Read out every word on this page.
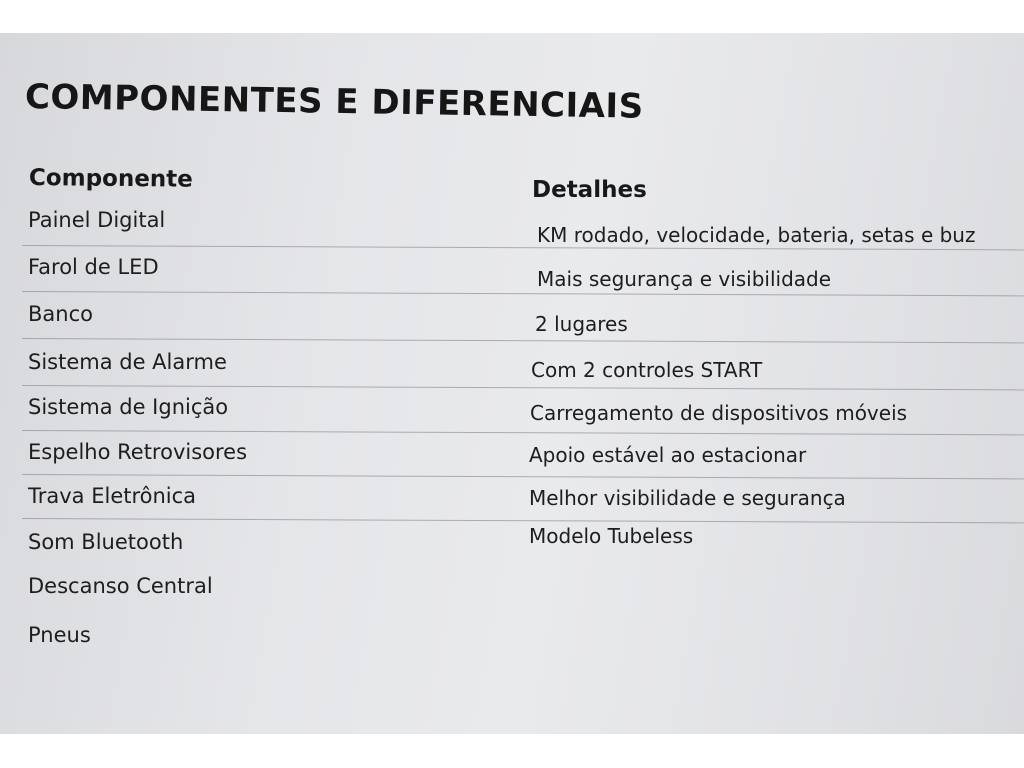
COMPONENTES E DIFERENCIAIS
Componente	Detalhes
Painel Digital
Farol de LED
Banco
Sistema de Alarme
Sistema de Ignição
Espelho Retrovisores
Trava Eletrônica
Som Bluetooth
Descanso Central
Pneus
KM rodado, velocidade, bateria, setas e buz
Mais segurança e visibilidade
2 lugares
Com 2 controles START
Carregamento de dispositivos móveis
Apoio estável ao estacionar
Melhor visibilidade e segurança
Modelo Tubeless
